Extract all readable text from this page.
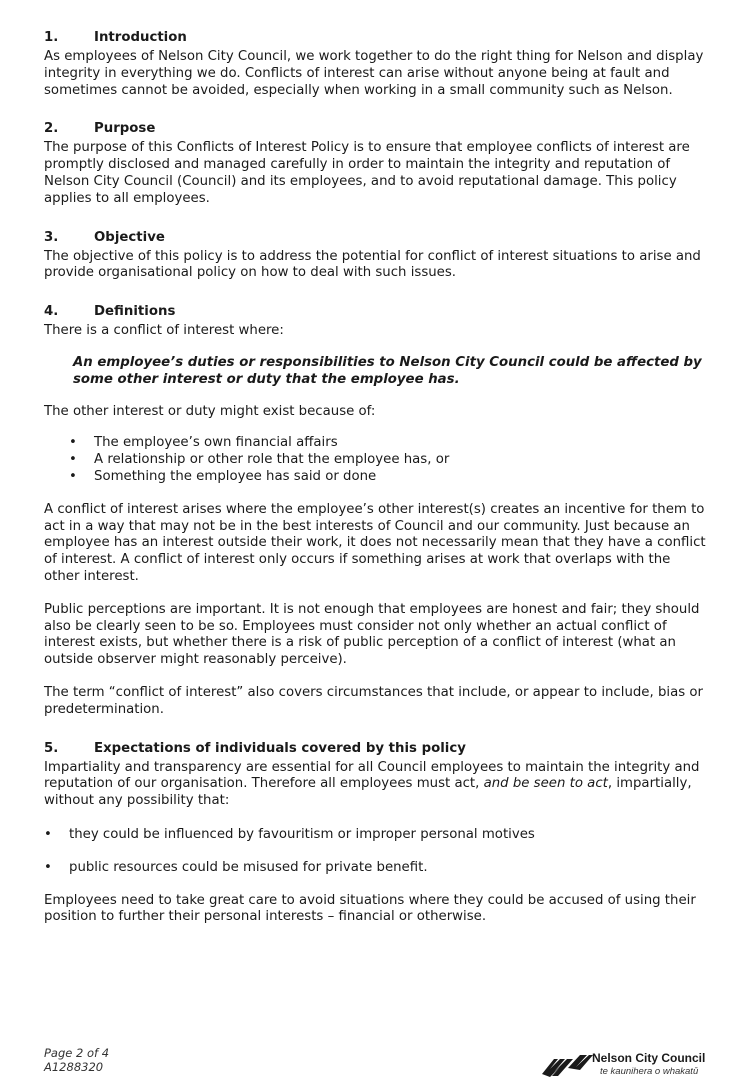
1.	Introduction

As employees of Nelson City Council, we work together to do the right thing for Nelson and display integrity in everything we do. Conflicts of interest can arise without anyone being at fault and sometimes cannot be avoided, especially when working in a small community such as Nelson.

2.	Purpose

The purpose of this Conflicts of Interest Policy is to ensure that employee conflicts of interest are promptly disclosed and managed carefully in order to maintain the integrity and reputation of Nelson City Council (Council) and its employees, and to avoid reputational damage. This policy applies to all employees.

3.	Objective

The objective of this policy is to address the potential for conflict of interest situations to arise and provide organisational policy on how to deal with such issues.

4.	Definitions

There is a conflict of interest where:

An employee’s duties or responsibilities to Nelson City Council could be affected by some other interest or duty that the employee has.

The other interest or duty might exist because of:

• The employee’s own financial affairs
• A relationship or other role that the employee has, or
• Something the employee has said or done

A conflict of interest arises where the employee’s other interest(s) creates an incentive for them to act in a way that may not be in the best interests of Council and our community. Just because an employee has an interest outside their work, it does not necessarily mean that they have a conflict of interest. A conflict of interest only occurs if something arises at work that overlaps with the other interest.

Public perceptions are important. It is not enough that employees are honest and fair; they should also be clearly seen to be so. Employees must consider not only whether an actual conflict of interest exists, but whether there is a risk of public perception of a conflict of interest (what an outside observer might reasonably perceive).

The term “conflict of interest” also covers circumstances that include, or appear to include, bias or predetermination.

5.	Expectations of individuals covered by this policy

Impartiality and transparency are essential for all Council employees to maintain the integrity and reputation of our organisation. Therefore all employees must act, and be seen to act, impartially, without any possibility that:

• they could be influenced by favouritism or improper personal motives
• public resources could be misused for private benefit.

Employees need to take great care to avoid situations where they could be accused of using their position to further their personal interests – financial or otherwise.

Page 2 of 4
A1288320
Nelson City Council
te kaunihera o whakatū
